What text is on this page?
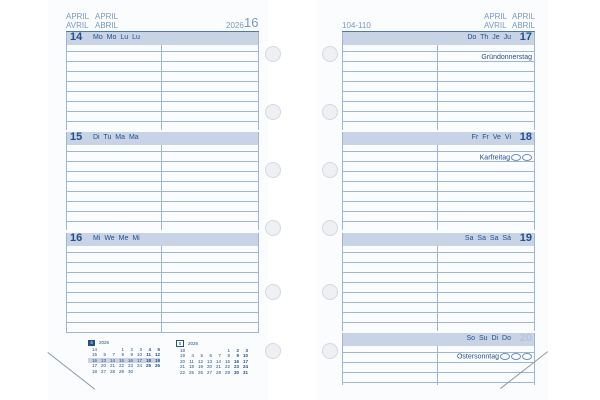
APRIL APRIL
AVRIL ABRIL	2026 16
14 Mo Mo Lu Lu
15 Di Tu Ma Ma
16 Mi We Me Mi
104-110
APRIL APRIL
AVRIL ABRIL
17
Do Th Je Ju
Gründonnerstag
18
Fr Fr Ve Vi
Karfreitag
19
Sa Sa Sa Sá
20
So Su Di Do
Ostersonntag
4	2026
14			1	2	3	4	5
15	6	7	8	9	10	11	12
16	13	14	15	16	17	18	19
17	20	21	22	23	24	25	26
18	27	28	29	30			
5	2026
18					1	2	3
19	4	5	6	7	8	9	10
20	11	12	13	14	15	16	17
21	18	19	20	21	22	23	24
22	25	26	27	28	29	30	31
